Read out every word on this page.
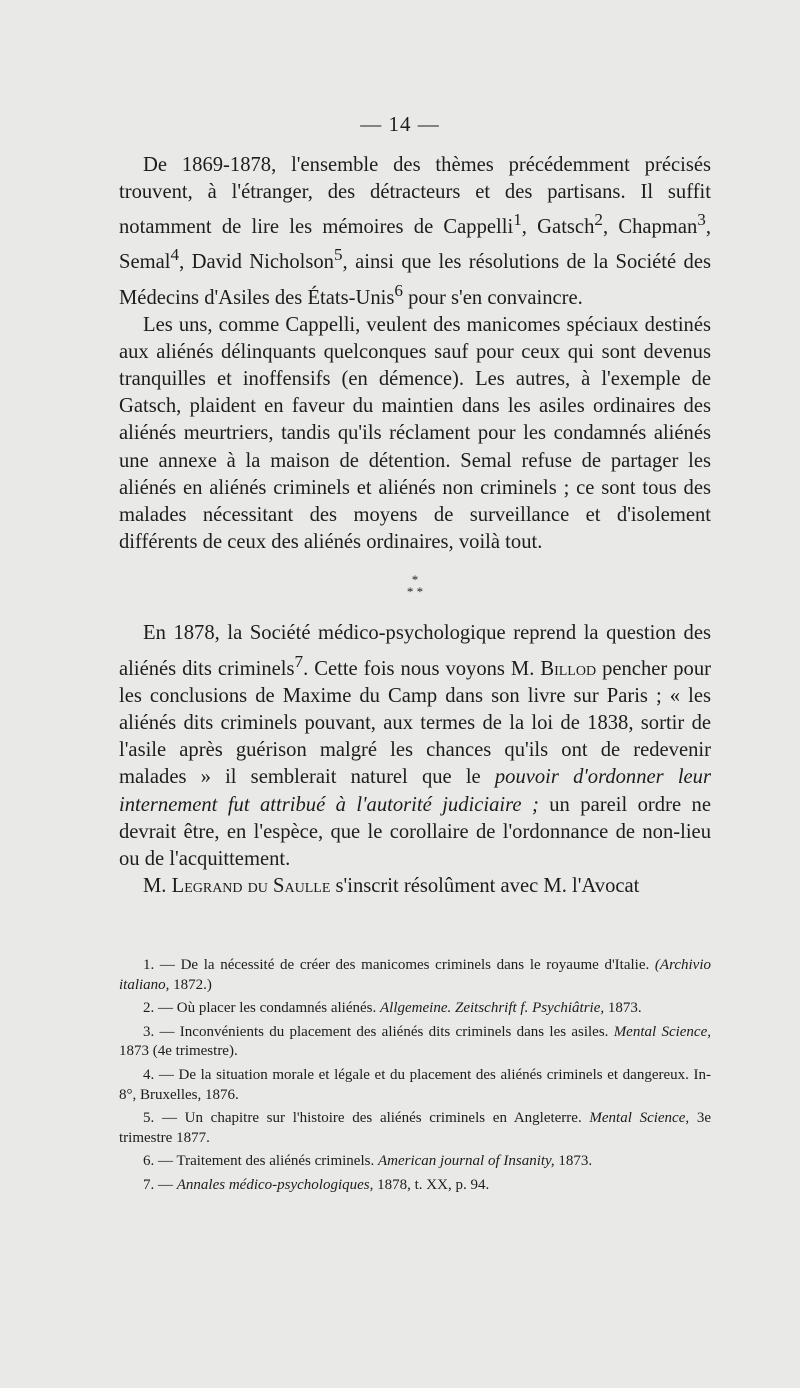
— 14 —

De 1869-1878, l'ensemble des thèmes précédemment précisés trouvent, à l'étranger, des détracteurs et des partisans. Il suffit notamment de lire les mémoires de Cappelli$^1$, Gatsch$^2$, Chapman$^3$, Semal$^4$, David Nicholson$^5$, ainsi que les résolutions de la Société des Médecins d'Asiles des États-Unis$^6$ pour s'en convaincre.

Les uns, comme Cappelli, veulent des manicomes spéciaux destinés aux aliénés délinquants quelconques sauf pour ceux qui sont devenus tranquilles et inoffensifs (en démence). Les autres, à l'exemple de Gatsch, plaident en faveur du maintien dans les asiles ordinaires des aliénés meurtriers, tandis qu'ils réclament pour les condamnés aliénés une annexe à la maison de détention. Semal refuse de partager les aliénés en aliénés criminels et aliénés non criminels ; ce sont tous des malades nécessitant des moyens de surveillance et d'isolement différents de ceux des aliénés ordinaires, voilà tout.

*
* *

En 1878, la Société médico-psychologique reprend la question des aliénés dits criminels$^7$. Cette fois nous voyons M. Billod pencher pour les conclusions de Maxime du Camp dans son livre sur Paris ; « les aliénés dits criminels pouvant, aux termes de la loi de 1838, sortir de l'asile après guérison malgré les chances qu'ils ont de redevenir malades » il semblerait naturel que le pouvoir d'ordonner leur internement fut attribué à l'autorité judiciaire ; un pareil ordre ne devrait être, en l'espèce, que le corollaire de l'ordonnance de non-lieu ou de l'acquittement.

M. Legrand du Saulle s'inscrit résolûment avec M. l'Avocat

1. — De la nécessité de créer des manicomes criminels dans le royaume d'Italie. (Archivio italiano, 1872.)

2. — Où placer les condamnés aliénés. Allgemeine. Zeitschrift f. Psychiâtrie, 1873.

3. — Inconvénients du placement des aliénés dits criminels dans les asiles. Mental Science, 1873 (4e trimestre).

4. — De la situation morale et légale et du placement des aliénés criminels et dangereux. In-8°, Bruxelles, 1876.

5. — Un chapitre sur l'histoire des aliénés criminels en Angleterre. Mental Science, 3e trimestre 1877.

6. — Traitement des aliénés criminels. American journal of Insanity, 1873.

7. — Annales médico-psychologiques, 1878, t. XX, p. 94.
